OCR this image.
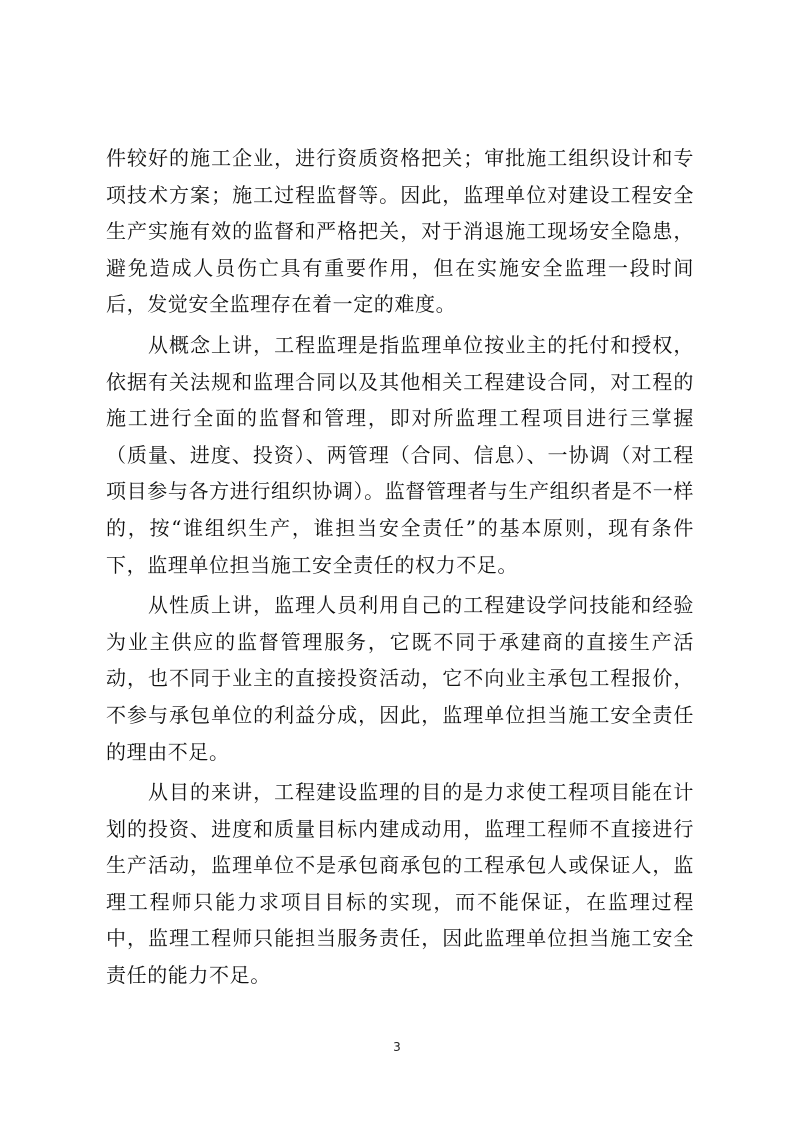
件较好的施工企业，进行资质资格把关；审批施工组织设计和专项技术方案；施工过程监督等。因此，监理单位对建设工程安全生产实施有效的监督和严格把关，对于消退施工现场安全隐患，避免造成人员伤亡具有重要作用，但在实施安全监理一段时间后，发觉安全监理存在着一定的难度。

从概念上讲，工程监理是指监理单位按业主的托付和授权，依据有关法规和监理合同以及其他相关工程建设合同，对工程的施工进行全面的监督和管理，即对所监理工程项目进行三掌握（质量、进度、投资）、两管理（合同、信息）、一协调（对工程项目参与各方进行组织协调）。监督管理者与生产组织者是不一样的，按“谁组织生产，谁担当安全责任”的基本原则，现有条件下，监理单位担当施工安全责任的权力不足。

从性质上讲，监理人员利用自己的工程建设学问技能和经验为业主供应的监督管理服务，它既不同于承建商的直接生产活动，也不同于业主的直接投资活动，它不向业主承包工程报价，不参与承包单位的利益分成，因此，监理单位担当施工安全责任的理由不足。

从目的来讲，工程建设监理的目的是力求使工程项目能在计划的投资、进度和质量目标内建成动用，监理工程师不直接进行生产活动，监理单位不是承包商承包的工程承包人或保证人，监理工程师只能力求项目目标的实现，而不能保证，在监理过程中，监理工程师只能担当服务责任，因此监理单位担当施工安全责任的能力不足。

3
